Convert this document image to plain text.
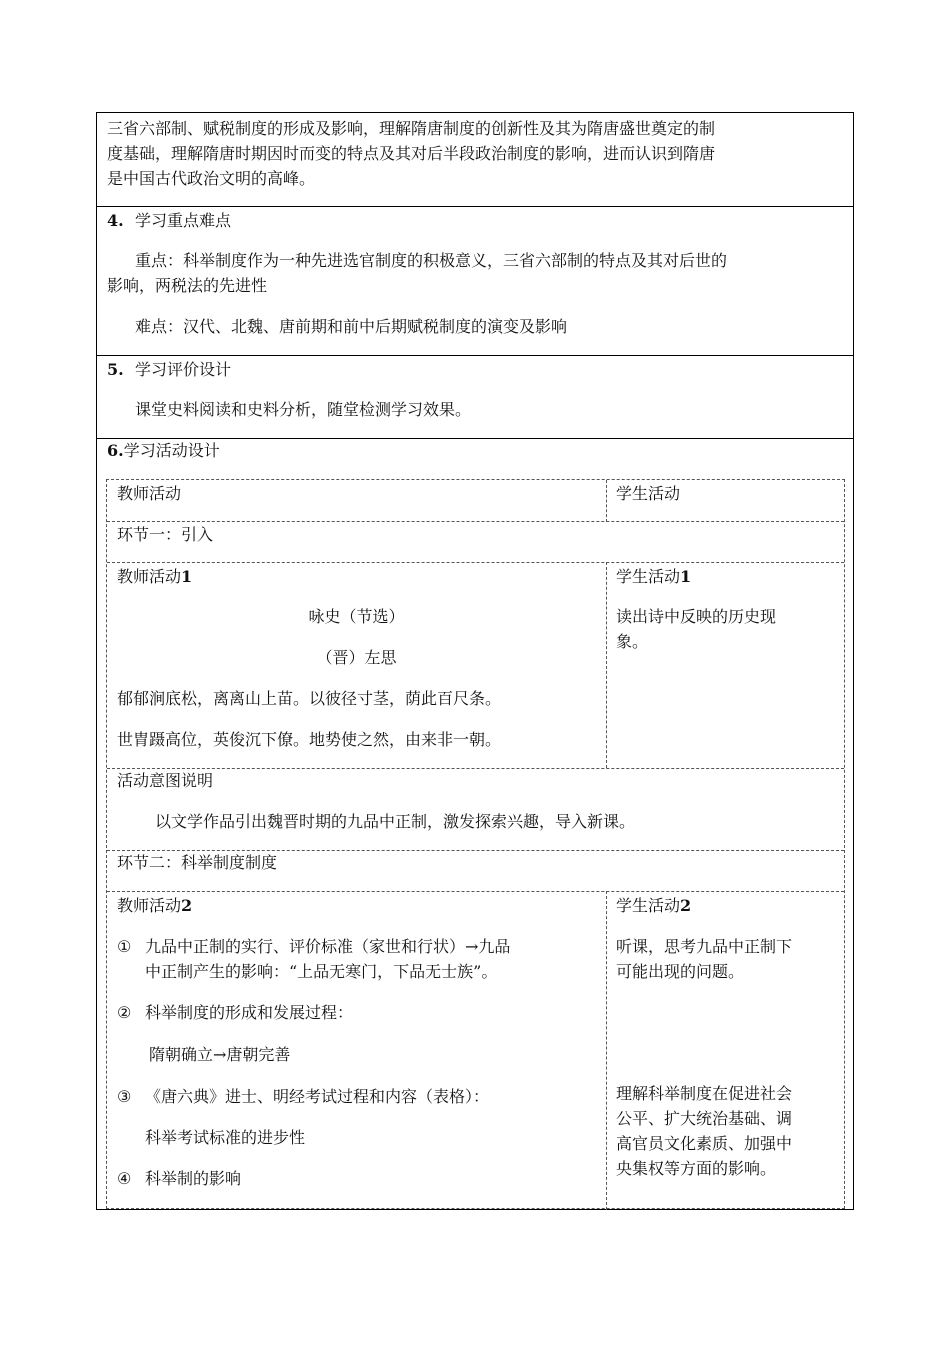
三省六部制、赋税制度的形成及影响，理解隋唐制度的创新性及其为隋唐盛世奠定的制
度基础，理解隋唐时期因时而变的特点及其对后半段政治制度的影响，进而认识到隋唐
是中国古代政治文明的高峰。
4. 学习重点难点
重点：科举制度作为一种先进选官制度的积极意义，三省六部制的特点及其对后世的
影响，两税法的先进性
难点：汉代、北魏、唐前期和前中后期赋税制度的演变及影响
5. 学习评价设计
课堂史料阅读和史料分析，随堂检测学习效果。
6.学习活动设计
教师活动	学生活动
环节一：引入
教师活动1
咏史（节选）
（晋）左思
郁郁涧底松，离离山上苗。以彼径寸茎，荫此百尺条。
世胄蹑高位，英俊沉下僚。地势使之然，由来非一朝。
学生活动1
读出诗中反映的历史现
象。
活动意图说明
以文学作品引出魏晋时期的九品中正制，激发探索兴趣，导入新课。
环节二：科举制度制度
教师活动2
① 九品中正制的实行、评价标准（家世和行状）→九品
中正制产生的影响：“上品无寒门，下品无士族”。
② 科举制度的形成和发展过程：
隋朝确立→唐朝完善
③ 《唐六典》进士、明经考试过程和内容（表格）：
科举考试标准的进步性
④ 科举制的影响
学生活动2
听课，思考九品中正制下
可能出现的问题。
理解科举制度在促进社会
公平、扩大统治基础、调
高官员文化素质、加强中
央集权等方面的影响。
